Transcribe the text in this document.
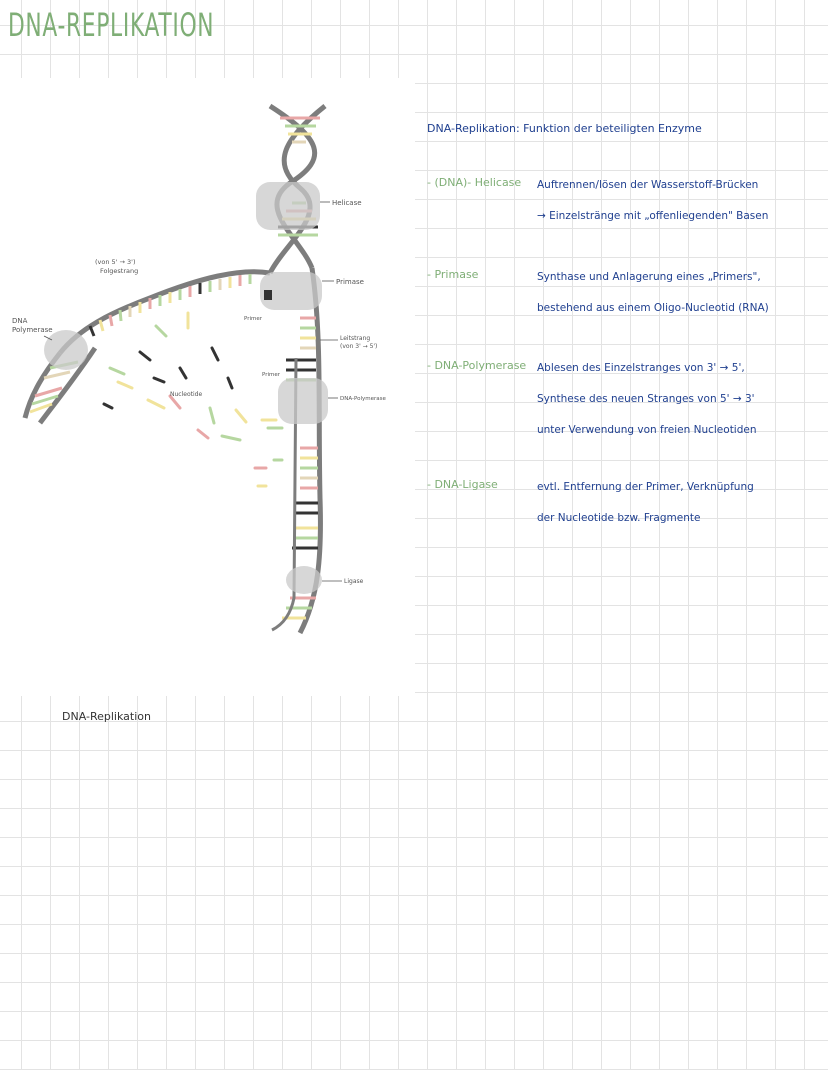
DNA-REPLIKATION
Helicase
DNA
Polymerase
(von 5' → 3')
Folgestrang
Primase
Primer
Leitstrang
(von 3' → 5')
Primer
DNA-Polymerase
Nucleotide
Ligase
DNA-Replikation
DNA-Replikation: Funktion der beteiligten Enzyme
- (DNA)- Helicase Auftrennen/lösen der Wasserstoff-Brücken
→ Einzelstränge mit „offenliegenden" Basen
- Primase	Synthase und Anlagerung eines „Primers",
bestehend aus einem Oligo-Nucleotid (RNA)
- DNA-Polymerase Ablesen des Einzelstranges von 3' → 5',
Synthese des neuen Stranges von 5' → 3'
unter Verwendung von freien Nucleotiden
- DNA-Ligase	evtl. Entfernung der Primer, Verknüpfung
der Nucleotide bzw. Fragmente
